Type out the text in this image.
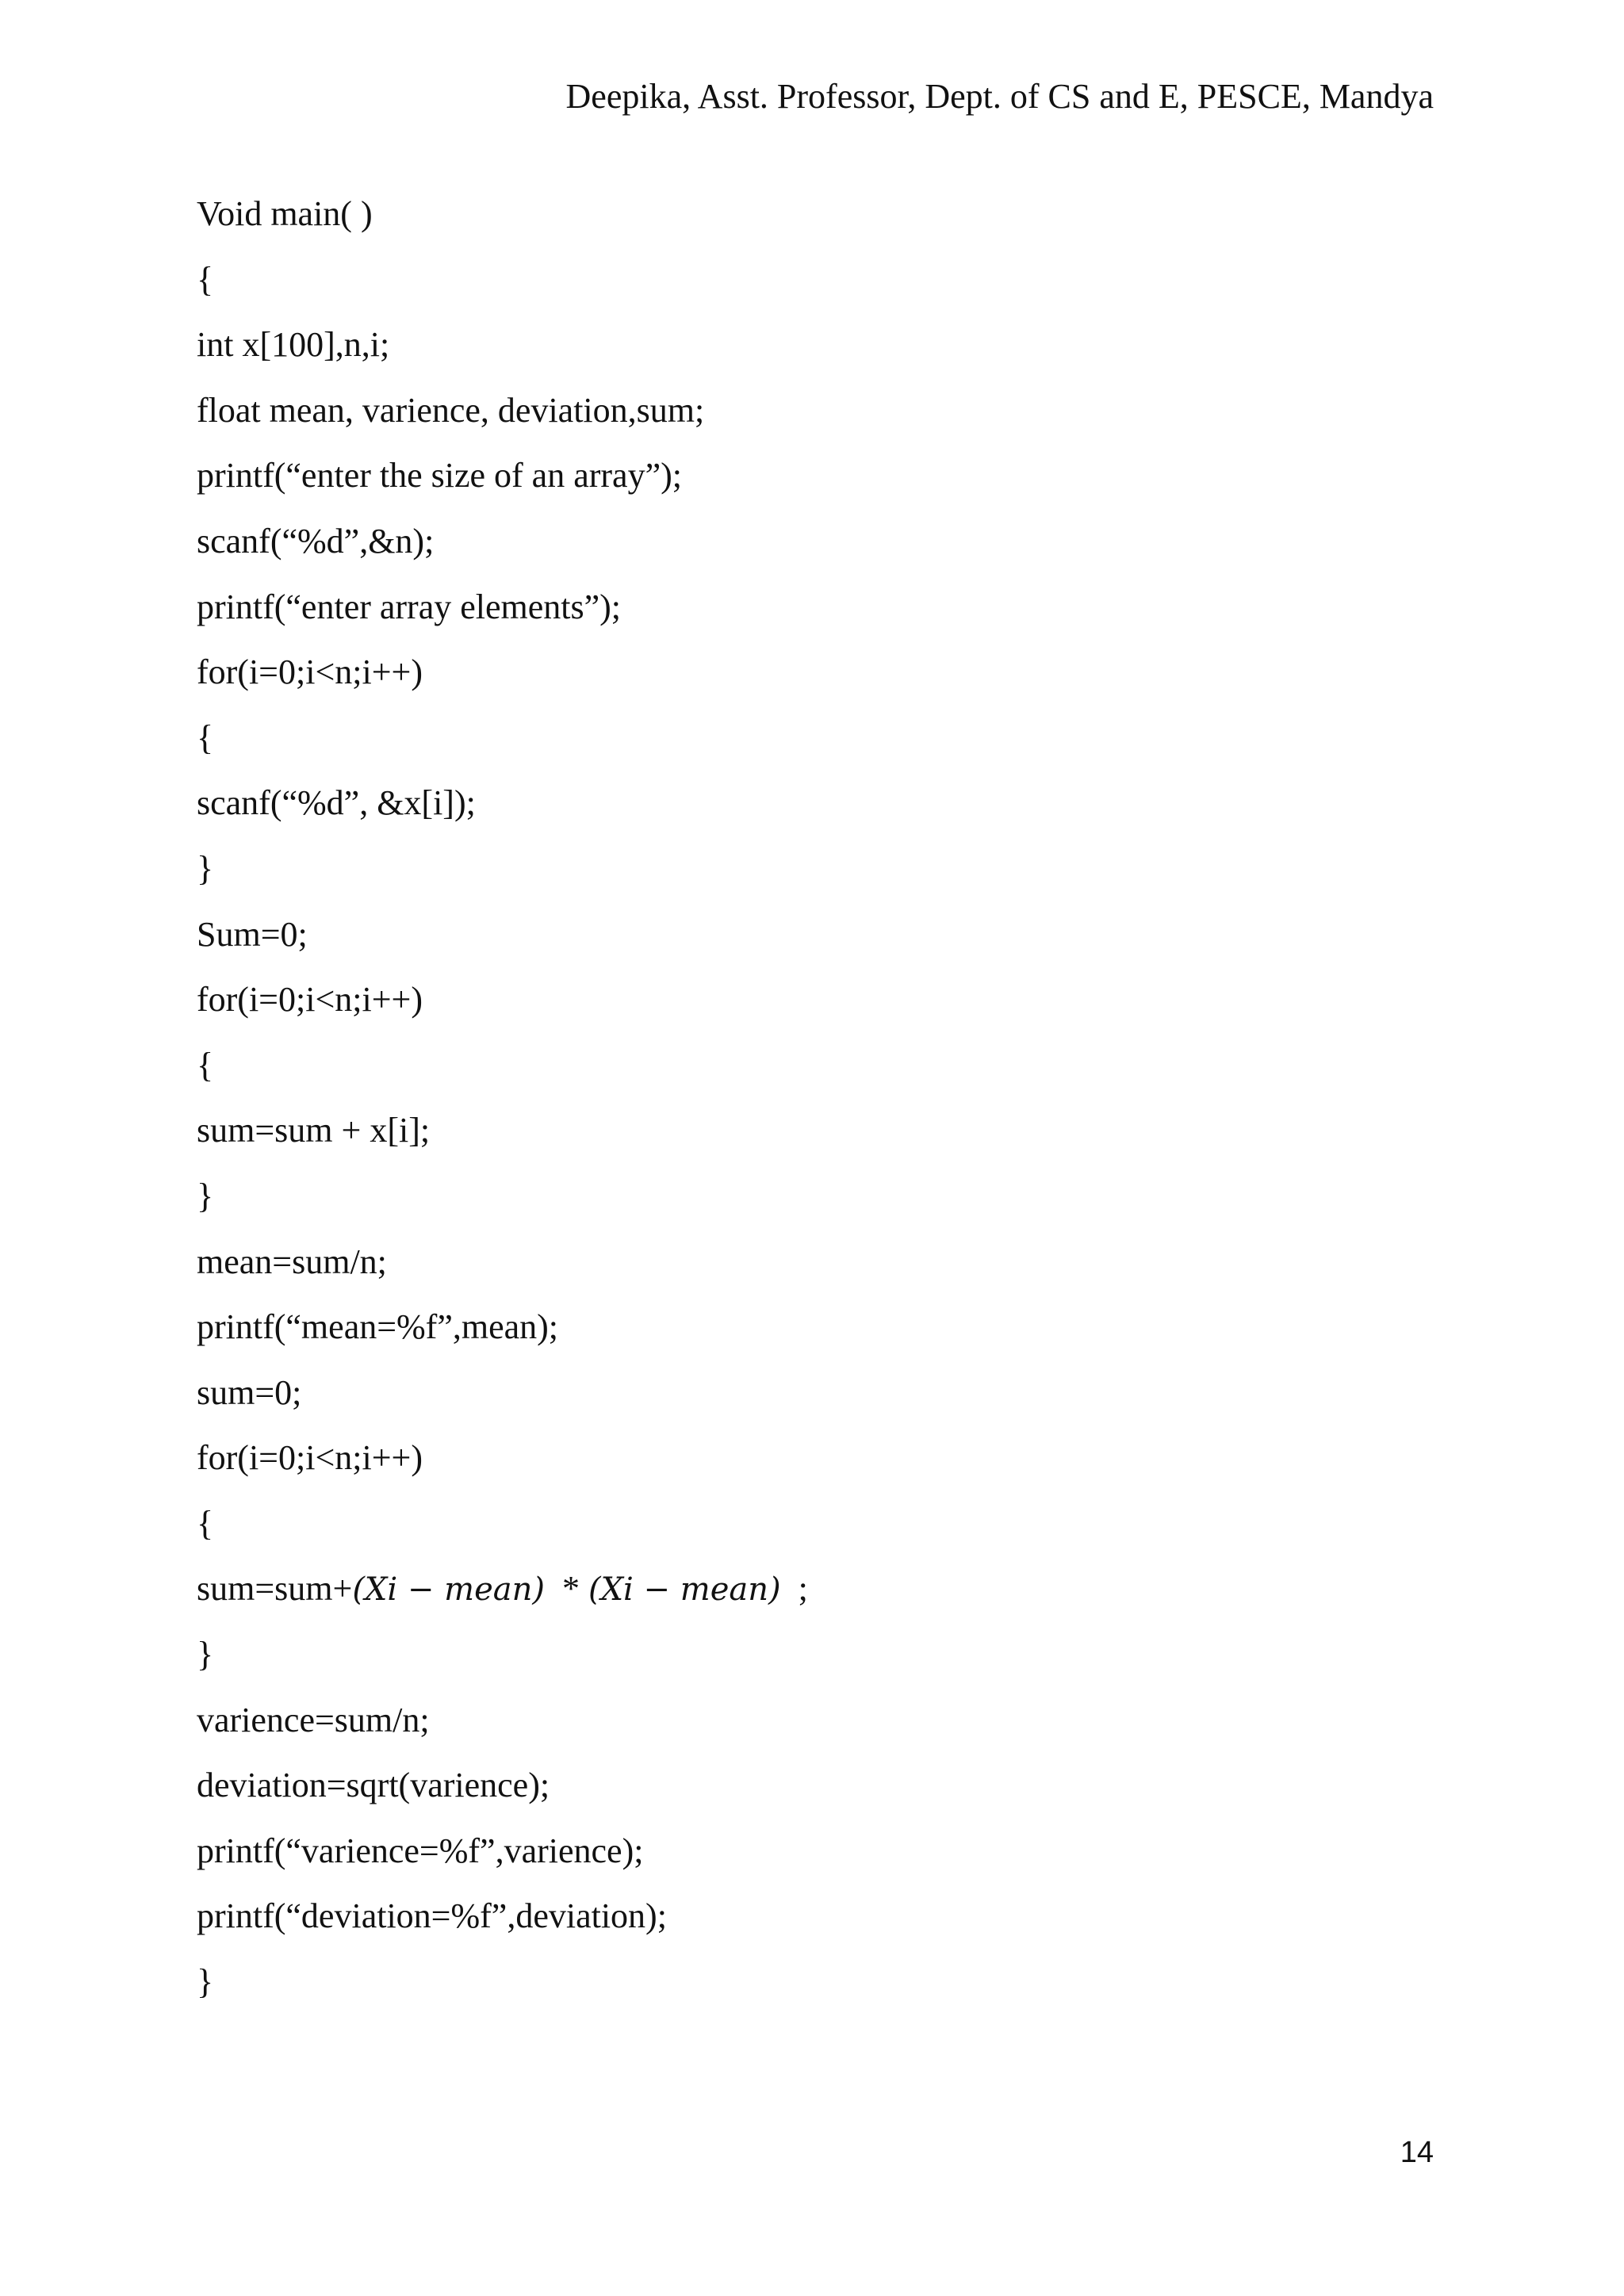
Deepika, Asst. Professor, Dept. of CS and E, PESCE, Mandya
Void main( )
{
int x[100],n,i;
float mean, varience, deviation,sum;
printf(“enter the size of an array”);
scanf(“%d”,&n);
printf(“enter array elements”);
for(i=0;i<n;i++)
{
scanf(“%d”, &x[i]);
}
Sum=0;
for(i=0;i<n;i++)
{
sum=sum + x[i];
}
mean=sum/n;
printf(“mean=%f”,mean);
sum=0;
for(i=0;i<n;i++)
{
sum=sum+(Xi − mean)  * (Xi − mean)  ;
}
varience=sum/n;
deviation=sqrt(varience);
printf(“varience=%f”,varience);
printf(“deviation=%f”,deviation);
}
14
